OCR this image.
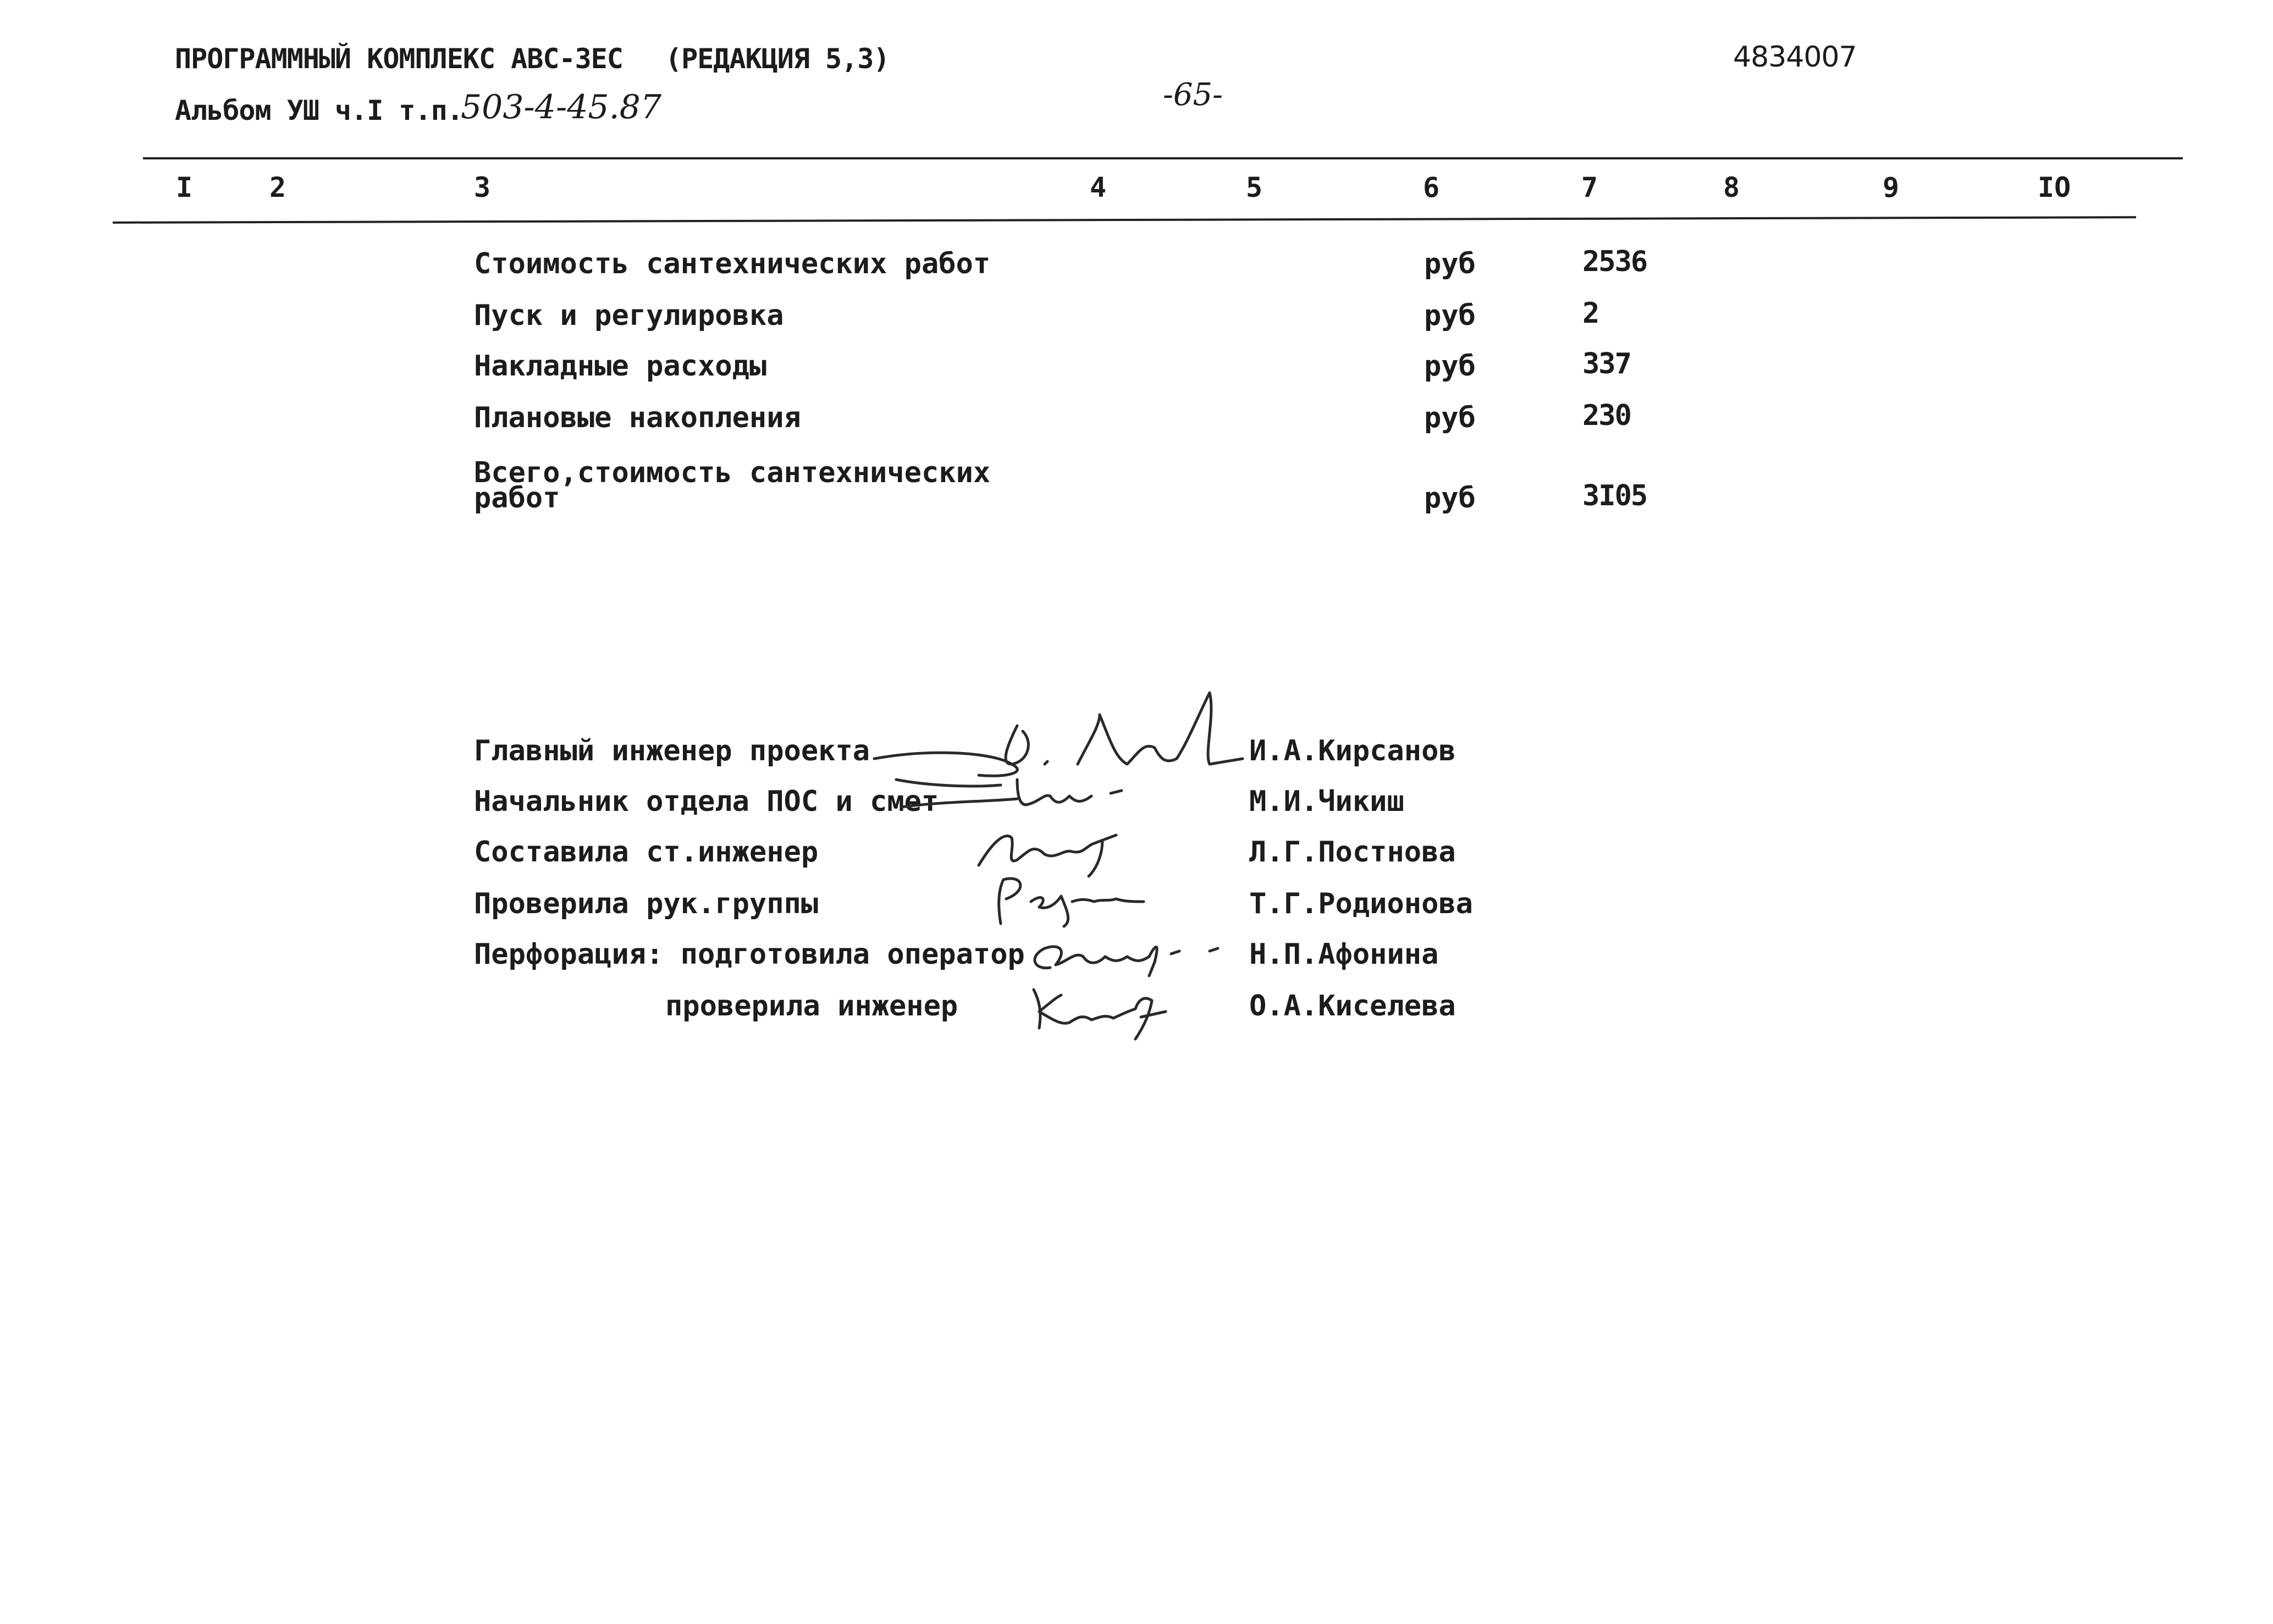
ПРОГРАММНЫЙ КОМПЛЕКС АВС-ЗЕС (РЕДАКЦИЯ 5,3)	4834007
Альбом УШ ч.I т.п.
503-4-45.87	-65-
I	2	3	4	5	6	7	8	9	IO
Стоимость сантехнических работ	руб	2536
Пуск и регулировка	руб	2
Накладные расходы	руб	337
Плановые накопления	руб	230
Всего,стоимость сантехнических
работ	руб	3I05
Главный инженер проекта	И.А.Кирсанов
Начальник отдела ПОС и смет	М.И.Чикиш
Составила ст.инженер	Л.Г.Постнова
Проверила рук.группы	Т.Г.Родионова
Перфорация: подготовила оператор	Н.П.Афонина
проверила инженер	О.А.Киселева
